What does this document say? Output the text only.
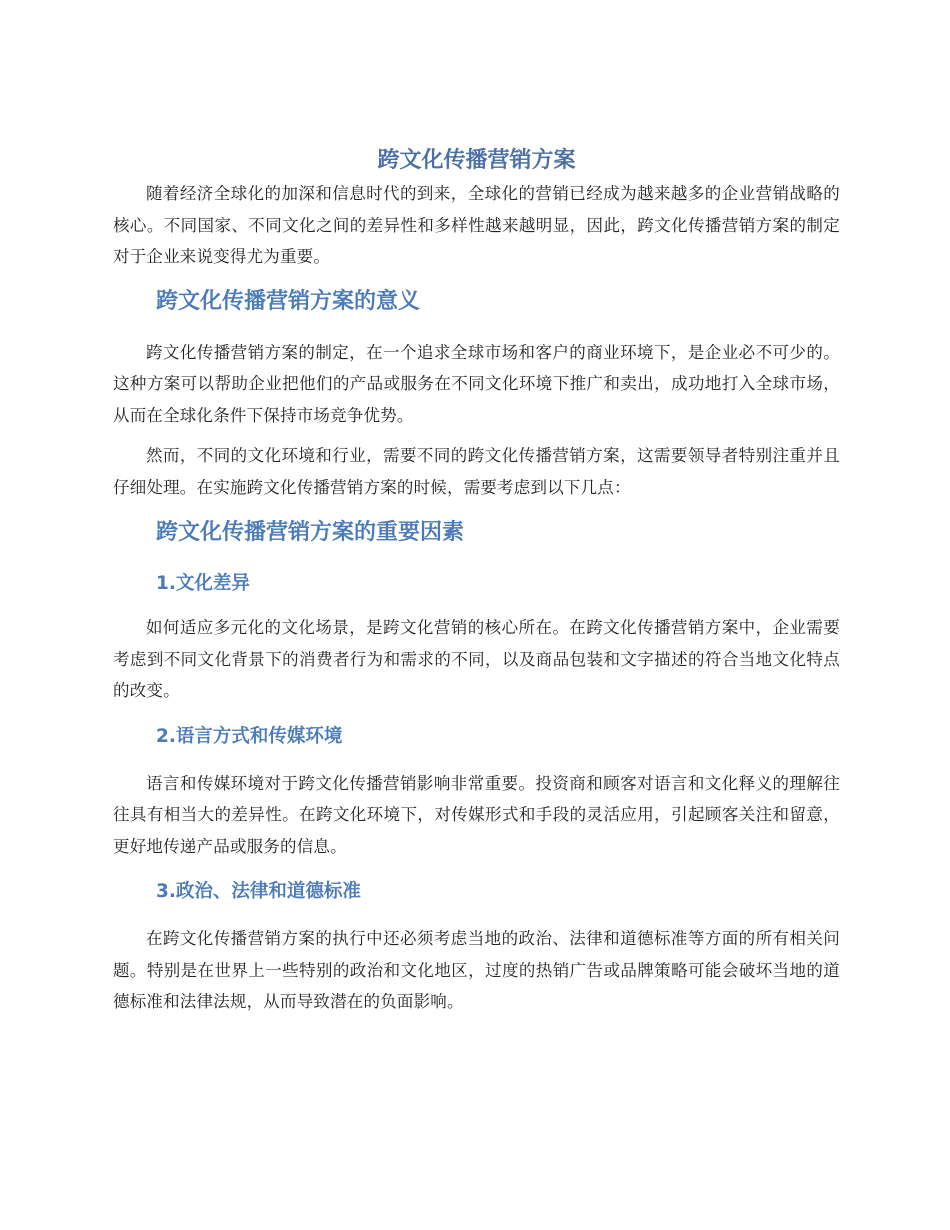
跨文化传播营销方案

随着经济全球化的加深和信息时代的到来，全球化的营销已经成为越来越多的企业营销战略的核心。不同国家、不同文化之间的差异性和多样性越来越明显，因此，跨文化传播营销方案的制定对于企业来说变得尤为重要。

跨文化传播营销方案的意义

跨文化传播营销方案的制定，在一个追求全球市场和客户的商业环境下，是企业必不可少的。这种方案可以帮助企业把他们的产品或服务在不同文化环境下推广和卖出，成功地打入全球市场，从而在全球化条件下保持市场竞争优势。

然而，不同的文化环境和行业，需要不同的跨文化传播营销方案，这需要领导者特别注重并且仔细处理。在实施跨文化传播营销方案的时候，需要考虑到以下几点：

跨文化传播营销方案的重要因素
1.文化差异

如何适应多元化的文化场景，是跨文化营销的核心所在。在跨文化传播营销方案中，企业需要考虑到不同文化背景下的消费者行为和需求的不同，以及商品包装和文字描述的符合当地文化特点的改变。

2.语言方式和传媒环境

语言和传媒环境对于跨文化传播营销影响非常重要。投资商和顾客对语言和文化释义的理解往往具有相当大的差异性。在跨文化环境下，对传媒形式和手段的灵活应用，引起顾客关注和留意，更好地传递产品或服务的信息。

3.政治、法律和道德标准

在跨文化传播营销方案的执行中还必须考虑当地的政治、法律和道德标准等方面的所有相关问题。特别是在世界上一些特别的政治和文化地区，过度的热销广告或品牌策略可能会破坏当地的道德标准和法律法规，从而导致潜在的负面影响。
